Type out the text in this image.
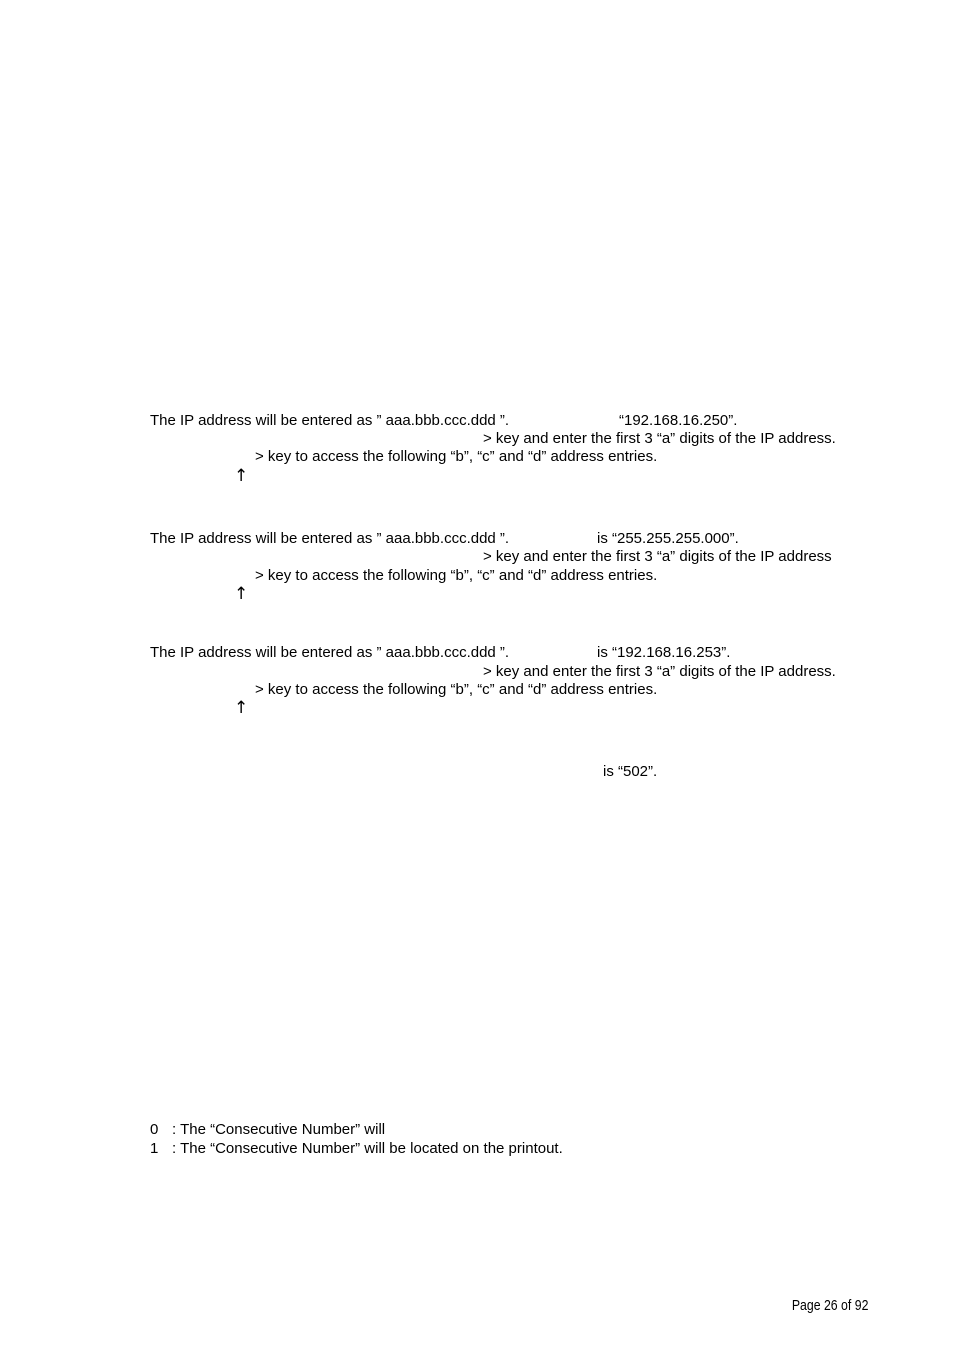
The IP address will be entered as ” aaa.bbb.ccc.ddd ”.	“192.168.16.250”.
> key and enter the first 3 “a” digits of the IP address.
> key to access the following “b”, “c” and “d” address entries.
↑
The IP address will be entered as ” aaa.bbb.ccc.ddd ”.	is “255.255.255.000”.
> key and enter the first 3 “a” digits of the IP address
> key to access the following “b”, “c” and “d” address entries.
↑
The IP address will be entered as ” aaa.bbb.ccc.ddd ”.	is “192.168.16.253”.
> key and enter the first 3 “a” digits of the IP address.
> key to access the following “b”, “c” and “d” address entries.
↑
is “502”.
0 : The “Consecutive Number” will
1 : The “Consecutive Number” will be located on the printout.
Page 26 of 92
